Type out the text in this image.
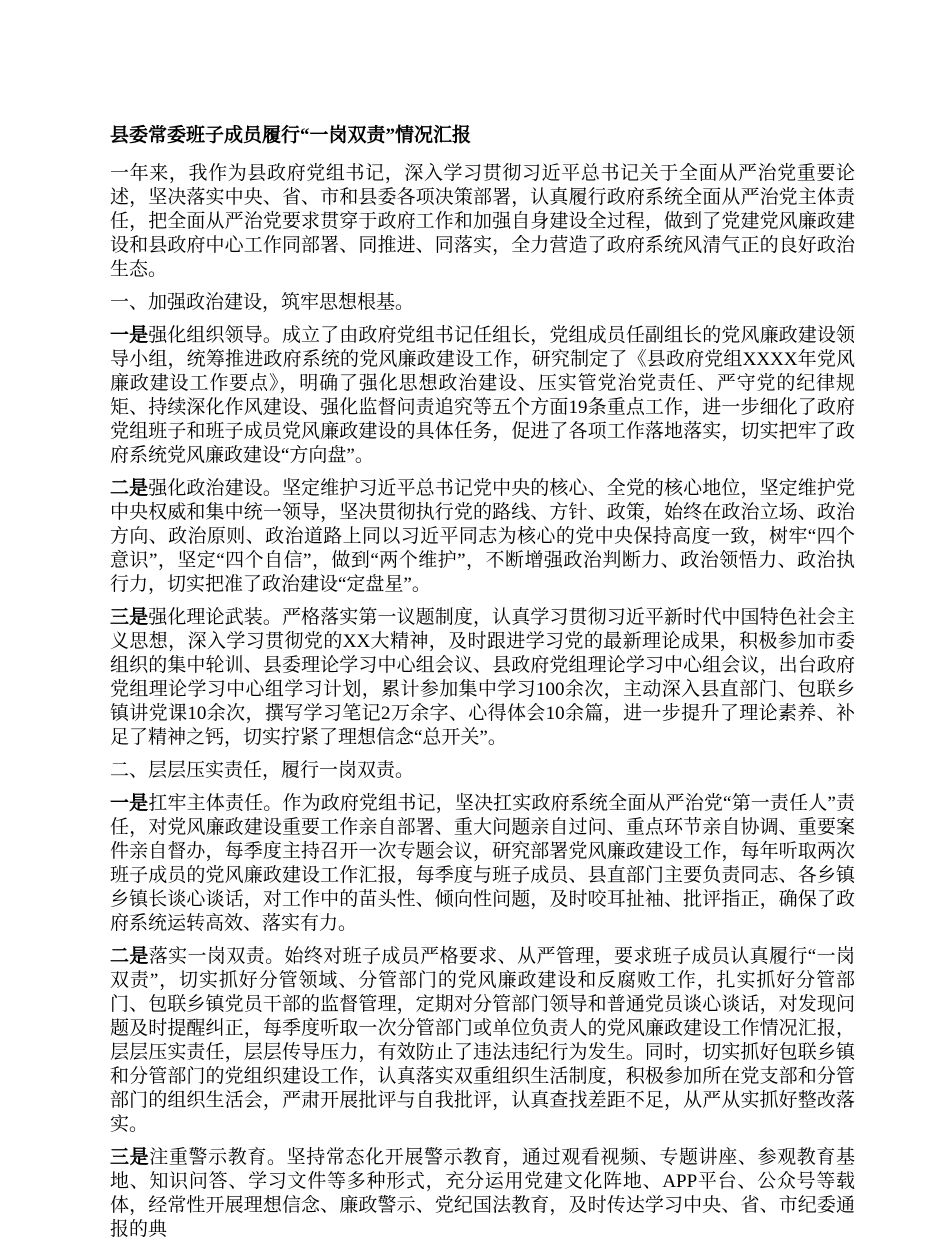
县委常委班子成员履行“一岗双责”情况汇报

一年来，我作为县政府党组书记，深入学习贯彻习近平总书记关于全面从严治党重要论述，坚决落实中央、省、市和县委各项决策部署，认真履行政府系统全面从严治党主体责任，把全面从严治党要求贯穿于政府工作和加强自身建设全过程，做到了党建党风廉政建设和县政府中心工作同部署、同推进、同落实，全力营造了政府系统风清气正的良好政治生态。

一、加强政治建设，筑牢思想根基。

一是强化组织领导。成立了由政府党组书记任组长，党组成员任副组长的党风廉政建设领导小组，统筹推进政府系统的党风廉政建设工作，研究制定了《县政府党组XXXX年党风廉政建设工作要点》，明确了强化思想政治建设、压实管党治党责任、严守党的纪律规矩、持续深化作风建设、强化监督问责追究等五个方面19条重点工作，进一步细化了政府党组班子和班子成员党风廉政建设的具体任务，促进了各项工作落地落实，切实把牢了政府系统党风廉政建设“方向盘”。

二是强化政治建设。坚定维护习近平总书记党中央的核心、全党的核心地位，坚定维护党中央权威和集中统一领导，坚决贯彻执行党的路线、方针、政策，始终在政治立场、政治方向、政治原则、政治道路上同以习近平同志为核心的党中央保持高度一致，树牢“四个意识”，坚定“四个自信”，做到“两个维护”，不断增强政治判断力、政治领悟力、政治执行力，切实把准了政治建设“定盘星”。

三是强化理论武装。严格落实第一议题制度，认真学习贯彻习近平新时代中国特色社会主义思想，深入学习贯彻党的XX大精神，及时跟进学习党的最新理论成果，积极参加市委组织的集中轮训、县委理论学习中心组会议、县政府党组理论学习中心组会议，出台政府党组理论学习中心组学习计划，累计参加集中学习100余次，主动深入县直部门、包联乡镇讲党课10余次，撰写学习笔记2万余字、心得体会10余篇，进一步提升了理论素养、补足了精神之钙，切实拧紧了理想信念“总开关”。

二、层层压实责任，履行一岗双责。

一是扛牢主体责任。作为政府党组书记，坚决扛实政府系统全面从严治党“第一责任人”责任，对党风廉政建设重要工作亲自部署、重大问题亲自过问、重点环节亲自协调、重要案件亲自督办，每季度主持召开一次专题会议，研究部署党风廉政建设工作，每年听取两次班子成员的党风廉政建设工作汇报，每季度与班子成员、县直部门主要负责同志、各乡镇乡镇长谈心谈话，对工作中的苗头性、倾向性问题，及时咬耳扯袖、批评指正，确保了政府系统运转高效、落实有力。

二是落实一岗双责。始终对班子成员严格要求、从严管理，要求班子成员认真履行“一岗双责”，切实抓好分管领域、分管部门的党风廉政建设和反腐败工作，扎实抓好分管部门、包联乡镇党员干部的监督管理，定期对分管部门领导和普通党员谈心谈话，对发现问题及时提醒纠正，每季度听取一次分管部门或单位负责人的党风廉政建设工作情况汇报，层层压实责任，层层传导压力，有效防止了违法违纪行为发生。同时，切实抓好包联乡镇和分管部门的党组织建设工作，认真落实双重组织生活制度，积极参加所在党支部和分管部门的组织生活会，严肃开展批评与自我批评，认真查找差距不足，从严从实抓好整改落实。

三是注重警示教育。坚持常态化开展警示教育，通过观看视频、专题讲座、参观教育基地、知识问答、学习文件等多种形式，充分运用党建文化阵地、APP平台、公众号等载体，经常性开展理想信念、廉政警示、党纪国法教育，及时传达学习中央、省、市纪委通报的典
